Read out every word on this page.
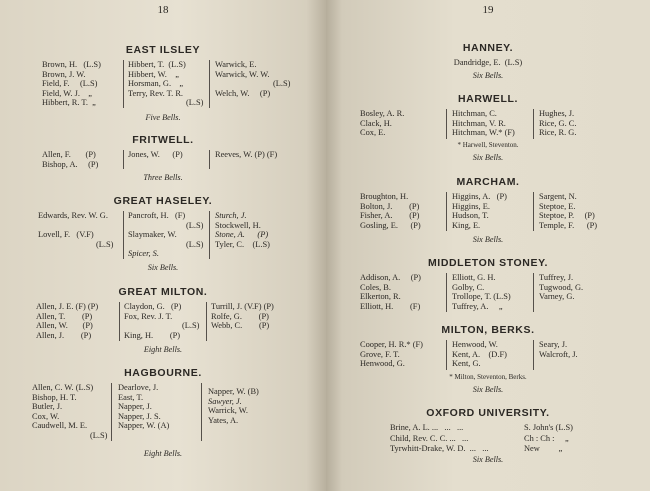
18
EAST ILSLEY
Brown, H.   (L.S)
Brown, J. W.
Field, F.     (L.S)
Field, W. J.    „
Hibbert, R. T.  „
Hibbert, T.  (L.S)
Hibbert, W.    „
Horsman, G.    „
Terry, Rev. T. R.
(L.S)
Warwick, E.
Warwick, W. W.
(L.S)
Welch, W.     (P)
Five Bells.
FRITWELL.
Allen, F.       (P)
Bishop, A.     (P)
Jones, W.      (P)	Reeves, W. (P) (F)
Three Bells.
GREAT HASELEY.
Edwards, Rev. W. G.

Lovell, F.   (V.F)
(L.S)
Pancroft, H.   (F)
(L.S)
Slaymaker, W.
(L.S)
Spicer, S.
Sturch, J.
Stockwell, H.
Stone, A.      (P)
Tyler, C.    (L.S)
Six Bells.
GREAT MILTON.
Allen, J. E. (F) (P)
Allen, T.        (P)
Allen, W.       (P)
Allen, J.        (P)
Claydon, G.   (P)
Fox, Rev. J. T.
(L.S)
King, H.        (P)
Turrill, J. (V.F) (P)
Rolfe, G.        (P)
Webb, C.        (P)
Eight Bells.
HAGBOURNE.
Allen, C. W. (L.S)
Bishop, H. T.
Butler, J.
Cox, W.
Caudwell, M. E.
(L.S)
Dearlove, J.
East, T.
Napper, J.
Napper, J. S.
Napper, W. (A)
Napper, W. (B)
Sawyer, J.
Warrick, W.
Yates, A.
Eight Bells.
19
HANNEY.
Dandridge, E.  (L.S)
Six Bells.
HARWELL.
Bosley, A. R.
Clack, H.
Cox, E.
Hitchman, C.
Hitchman, V. R.
Hitchman, W.* (F)
Hughes, J.
Rice, G. C.
Rice, R. G.
* Harwell, Steventon.
Six Bells.
MARCHAM.
Broughton, H.
Bolton, J.        (P)
Fisher, A.        (P)
Gosling, E.      (P)
Higgins, A.   (P)
Higgins, E.
Hudson, T.
King, E.
Sargent, N.
Steptoe, E.
Steptoe, P.     (P)
Temple, F.      (P)
Six Bells.
MIDDLETON STONEY.
Addison, A.     (P)
Coles, B.
Elkerton, R.
Elliott, H.        (F)
Elliott, G. H.
Golby, C.
Trollope, T. (L.S)
Tuffrey, A.     „
Tuffrey, J.
Tugwood, G.
Varney, G.
MILTON, BERKS.
Cooper, H. R.* (F)
Grove, F. T.
Henwood, G.
Henwood, W.
Kent, A.    (D.F)
Kent, G.
Seary, J.
Walcroft, J.
* Milton, Steventon, Berks.
Six Bells.
OXFORD UNIVERSITY.
Brine, A. L. ...   ...   ...
Child, Rev. C. C. ...   ...
Tyrwhitt-Drake, W. D.  ...   ...
S. John's (L.S)
Ch : Ch :     „
New         „
Six Bells.
